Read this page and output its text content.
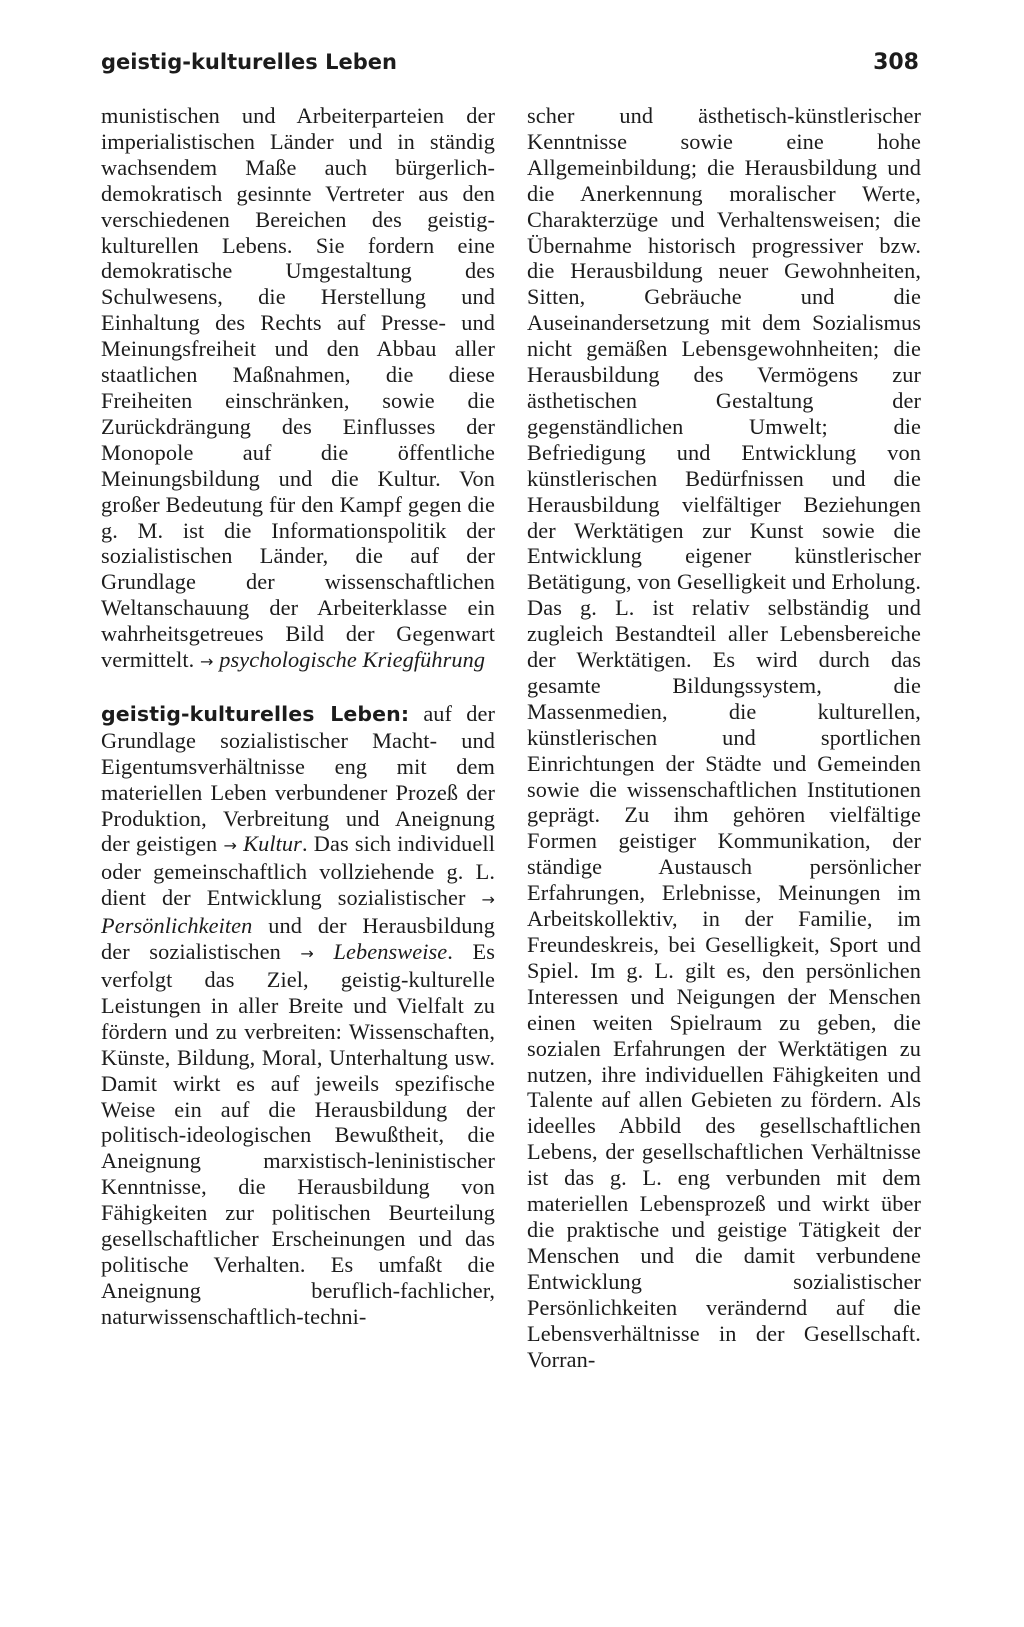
geistig-kulturelles Leben	308

munistischen und Arbeiterparteien der imperialistischen Länder und in ständig wachsendem Maße auch bürgerlich-demokratisch gesinnte Vertreter aus den verschiedenen Bereichen des geistig-kulturellen Lebens. Sie fordern eine demokratische Umgestaltung des Schulwesens, die Herstellung und Einhaltung des Rechts auf Presse- und Meinungsfreiheit und den Abbau aller staatlichen Maßnahmen, die diese Freiheiten einschränken, sowie die Zurückdrängung des Einflusses der Monopole auf die öffentliche Meinungsbildung und die Kultur. Von großer Bedeutung für den Kampf gegen die g. M. ist die Informationspolitik der sozialistischen Länder, die auf der Grundlage der wissenschaftlichen Weltanschauung der Arbeiterklasse ein wahrheitsgetreues Bild der Gegenwart vermittelt. → psychologische Kriegführung

geistig-kulturelles Leben: auf der Grundlage sozialistischer Macht- und Eigentumsverhältnisse eng mit dem materiellen Leben verbundener Prozeß der Produktion, Verbreitung und Aneignung der geistigen → Kultur. Das sich individuell oder gemeinschaftlich vollziehende g. L. dient der Entwicklung sozialistischer → Persönlichkeiten und der Herausbildung der sozialistischen → Lebensweise. Es verfolgt das Ziel, geistig-kulturelle Leistungen in aller Breite und Vielfalt zu fördern und zu verbreiten: Wissenschaften, Künste, Bildung, Moral, Unterhaltung usw. Damit wirkt es auf jeweils spezifische Weise ein auf die Herausbildung der politisch-ideologischen Bewußtheit, die Aneignung marxistisch-leninistischer Kenntnisse, die Herausbildung von Fähigkeiten zur politischen Beurteilung gesellschaftlicher Erscheinungen und das politische Verhalten. Es umfaßt die Aneignung beruflich-fachlicher, naturwissenschaftlich-techni-

scher und ästhetisch-künstlerischer Kenntnisse sowie eine hohe Allgemeinbildung; die Herausbildung und die Anerkennung moralischer Werte, Charakterzüge und Verhaltensweisen; die Übernahme historisch progressiver bzw. die Herausbildung neuer Gewohnheiten, Sitten, Gebräuche und die Auseinandersetzung mit dem Sozialismus nicht gemäßen Lebensgewohnheiten; die Herausbildung des Vermögens zur ästhetischen Gestaltung der gegenständlichen Umwelt; die Befriedigung und Entwicklung von künstlerischen Bedürfnissen und die Herausbildung vielfältiger Beziehungen der Werktätigen zur Kunst sowie die Entwicklung eigener künstlerischer Betätigung, von Geselligkeit und Erholung. Das g. L. ist relativ selbständig und zugleich Bestandteil aller Lebensbereiche der Werktätigen. Es wird durch das gesamte Bildungssystem, die Massenmedien, die kulturellen, künstlerischen und sportlichen Einrichtungen der Städte und Gemeinden sowie die wissenschaftlichen Institutionen geprägt. Zu ihm gehören vielfältige Formen geistiger Kommunikation, der ständige Austausch persönlicher Erfahrungen, Erlebnisse, Meinungen im Arbeitskollektiv, in der Familie, im Freundeskreis, bei Geselligkeit, Sport und Spiel. Im g. L. gilt es, den persönlichen Interessen und Neigungen der Menschen einen weiten Spielraum zu geben, die sozialen Erfahrungen der Werktätigen zu nutzen, ihre individuellen Fähigkeiten und Talente auf allen Gebieten zu fördern. Als ideelles Abbild des gesellschaftlichen Lebens, der gesellschaftlichen Verhältnisse ist das g. L. eng verbunden mit dem materiellen Lebensprozeß und wirkt über die praktische und geistige Tätigkeit der Menschen und die damit verbundene Entwicklung sozialistischer Persönlichkeiten verändernd auf die Lebensverhältnisse in der Gesellschaft. Vorran-
